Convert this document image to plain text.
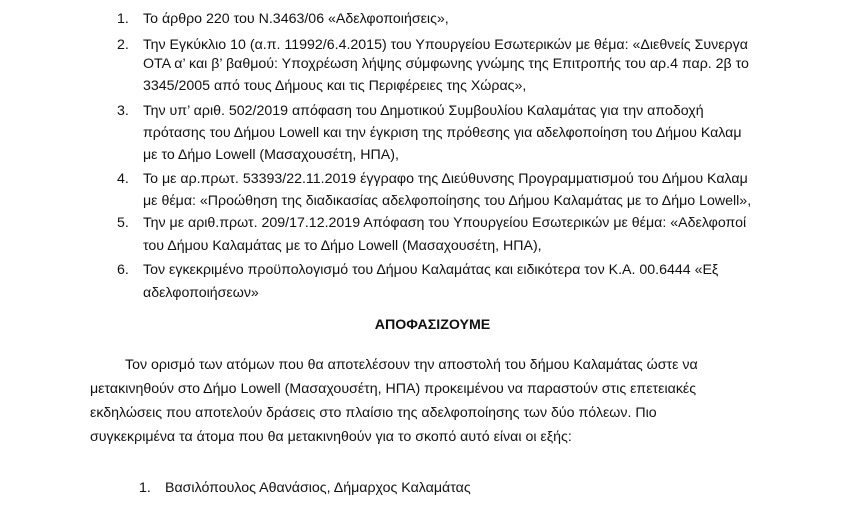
1. Το άρθρο 220 του Ν.3463/06 «Αδελφοποιήσεις»,
2. Την Εγκύκλιο 10 (α.π. 11992/6.4.2015) του Υπουργείου Εσωτερικών με θέμα: «Διεθνείς Συνεργα
ΟΤΑ α’ και β’ βαθμού: Υποχρέωση λήψης σύμφωνης γνώμης της Επιτροπής του αρ.4 παρ. 2β το
3345/2005 από τους Δήμους και τις Περιφέρειες της Χώρας»,
3. Την υπ’ αριθ. 502/2019 απόφαση του Δημοτικού Συμβουλίου Καλαμάτας για την αποδοχή
πρότασης του Δήμου Lowell και την έγκριση της πρόθεσης για αδελφοποίηση του Δήμου Καλαμ
με το Δήμο Lowell (Μασαχουσέτη, ΗΠΑ),
4. Το με αρ.πρωτ. 53393/22.11.2019 έγγραφο της Διεύθυνσης Προγραμματισμού του Δήμου Καλαμ
με θέμα: «Προώθηση της διαδικασίας αδελφοποίησης του Δήμου Καλαμάτας με το Δήμο Lowell»,
5. Την με αριθ.πρωτ. 209/17.12.2019 Απόφαση του Υπουργείου Εσωτερικών με θέμα: «Αδελφοποί
του Δήμου Καλαμάτας με το Δήμο Lowell (Μασαχουσέτη, ΗΠΑ),
6. Τον εγκεκριμένο προϋπολογισμό του Δήμου Καλαμάτας και ειδικότερα τον Κ.Α. 00.6444 «Εξ
αδελφοποιήσεων»
ΑΠΟΦΑΣΙΖΟΥΜΕ
Τον ορισμό των ατόμων που θα αποτελέσουν την αποστολή του δήμου Καλαμάτας ώστε να
μετακινηθούν στο Δήμο Lowell (Μασαχουσέτη, ΗΠΑ) προκειμένου να παραστούν στις επετειακές
εκδηλώσεις που αποτελούν δράσεις στο πλαίσιο της αδελφοποίησης των δύο πόλεων. Πιο
συγκεκριμένα τα άτομα που θα μετακινηθούν για το σκοπό αυτό είναι οι εξής:
1. Βασιλόπουλος Αθανάσιος, Δήμαρχος Καλαμάτας
